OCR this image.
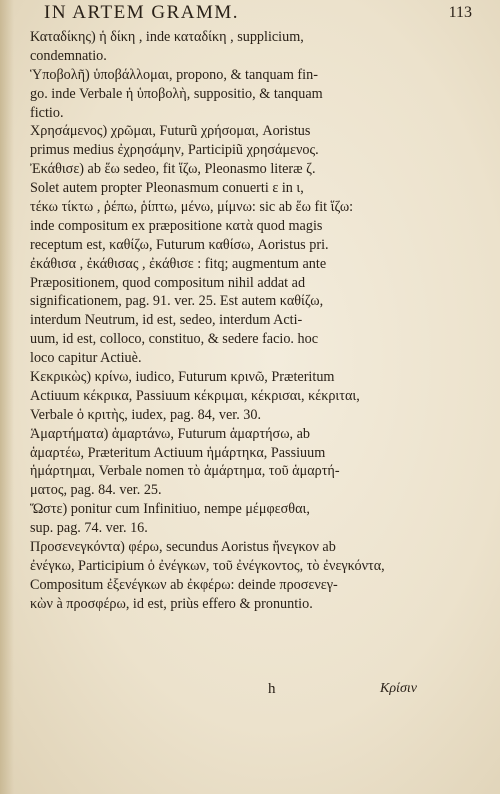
IN ARTEM GRAMM.	113
Καταδίκης) ἡ δίκη , inde καταδίκη , supplicium,
condemnatio.
Ὑποβολῆ) ὑποβάλλομαι, propono, & tanquam fin-
go. inde Verbale ἡ ὑποβολὴ, suppositio, & tanquam
fictio.
Χρησάμενος) χρῶμαι, Futurũ χρήσομαι, Aoristus
primus medius ἐχρησάμην, Participiũ χρησάμενος.
Ἐκάθισε) ab ἕω sedeo, fit ἵζω, Pleonasmo literæ ζ.
Solet autem propter Pleonasmum conuerti ε in ι,
τέκω τίκτω , ῥέπω, ῥίπτω, μένω, μίμνω: sic ab ἕω fit ἵζω:
inde compositum ex præpositione κατὰ quod magis
receptum est, καθίζω, Futurum καθίσω, Aoristus pri.
ἐκάθισα , ἐκάθισας , ἐκάθισε : fitq; augmentum ante
Præpositionem, quod compositum nihil addat ad
significationem, pag. 91. ver. 25. Est autem καθίζω,
interdum Neutrum, id est, sedeo, interdum Acti-
uum, id est, colloco, constituo, & sedere facio. hoc
loco capitur Actiuè.
Κεκρικὼς) κρίνω, iudico, Futurum κρινῶ, Præteritum
Actiuum κέκρικα, Passiuum κέκριμαι, κέκρισαι, κέκριται,
Verbale ὁ κριτὴς, iudex, pag. 84, ver. 30.
Ἁμαρτήματα) ἁμαρτάνω, Futurum ἁμαρτήσω, ab
ἁμαρτέω, Præteritum Actiuum ἡμάρτηκα, Passiuum
ἡμάρτημαι, Verbale nomen τὸ ἁμάρτημα, τοῦ ἁμαρτή-
ματος, pag. 84. ver. 25.
Ὥστε) ponitur cum Infinitiuo, nempe μέμφεσθαι,
sup. pag. 74. ver. 16.
Προσενεγκόντα) φέρω, secundus Aoristus ἤνεγκον ab
ἐνέγκω, Participium ὁ ἐνέγκων, τοῦ ἐνέγκοντος, τὸ ἐνεγκόντα,
Compositum ἐξενέγκων ab ἐκφέρω: deinde προσενεγ-
κὼν à προσφέρω, id est, priùs effero & pronuntio.
h	Κρίσιν
